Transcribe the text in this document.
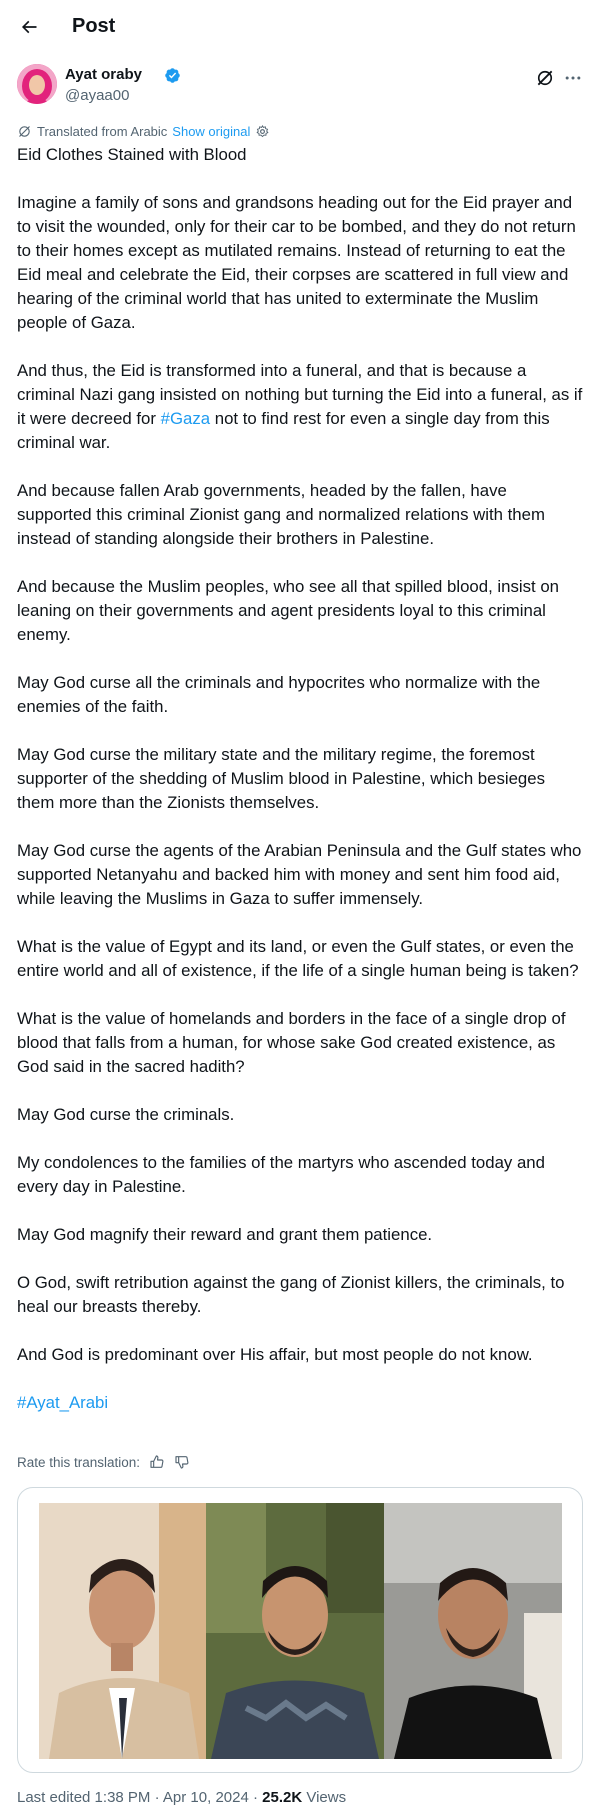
Post
Ayat oraby
@ayaa00
Translated from Arabic Show original

Eid Clothes Stained with Blood

Imagine a family of sons and grandsons heading out for the Eid prayer and to visit the wounded, only for their car to be bombed, and they do not return to their homes except as mutilated remains. Instead of returning to eat the Eid meal and celebrate the Eid, their corpses are scattered in full view and hearing of the criminal world that has united to exterminate the Muslim people of Gaza.

And thus, the Eid is transformed into a funeral, and that is because a criminal Nazi gang insisted on nothing but turning the Eid into a funeral, as if it were decreed for #Gaza not to find rest for even a single day from this criminal war.

And because fallen Arab governments, headed by the fallen, have supported this criminal Zionist gang and normalized relations with them instead of standing alongside their brothers in Palestine.

And because the Muslim peoples, who see all that spilled blood, insist on leaning on their governments and agent presidents loyal to this criminal enemy.

May God curse all the criminals and hypocrites who normalize with the enemies of the faith.

May God curse the military state and the military regime, the foremost supporter of the shedding of Muslim blood in Palestine, which besieges them more than the Zionists themselves.

May God curse the agents of the Arabian Peninsula and the Gulf states who supported Netanyahu and backed him with money and sent him food aid, while leaving the Muslims in Gaza to suffer immensely.

What is the value of Egypt and its land, or even the Gulf states, or even the entire world and all of existence, if the life of a single human being is taken?

What is the value of homelands and borders in the face of a single drop of blood that falls from a human, for whose sake God created existence, as God said in the sacred hadith?

May God curse the criminals.

My condolences to the families of the martyrs who ascended today and every day in Palestine.

May God magnify their reward and grant them patience.

O God, swift retribution against the gang of Zionist killers, the criminals, to heal our breasts thereby.

And God is predominant over His affair, but most people do not know.

#Ayat_Arabi

Rate this translation:
Last edited 1:38 PM · Apr 10, 2024 · 25.2K Views
